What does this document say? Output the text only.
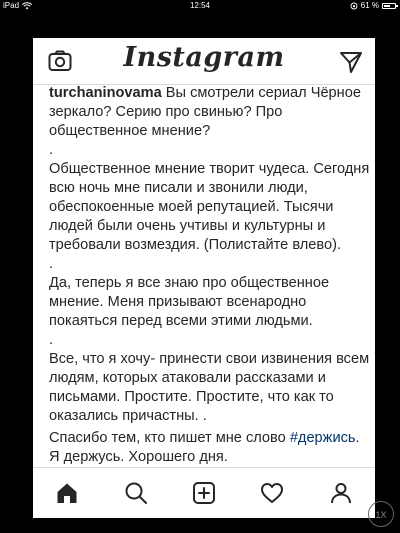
iPad	12:54	61 %
Instagram

turchaninovama Вы смотрели сериал Чёрное зеркало? Серию про свинью? Про общественное мнение?

.

Общественное мнение творит чудеса. Сегодня всю ночь мне писали и звонили люди, обеспокоенные моей репутацией. Тысячи людей были очень учтивы и культурны и требовали возмездия. (Полистайте влево).

.

Да, теперь я все знаю про общественное мнение. Меня призывают всенародно покаяться перед всеми этими людьми.

.

Все, что я хочу- принести свои извинения всем людям, которых атаковали рассказами и письмами. Простите. Простите, что как то оказались причастны. .

Спасибо тем, кто пишет мне слово #держись. Я держусь. Хорошего дня.

1X
